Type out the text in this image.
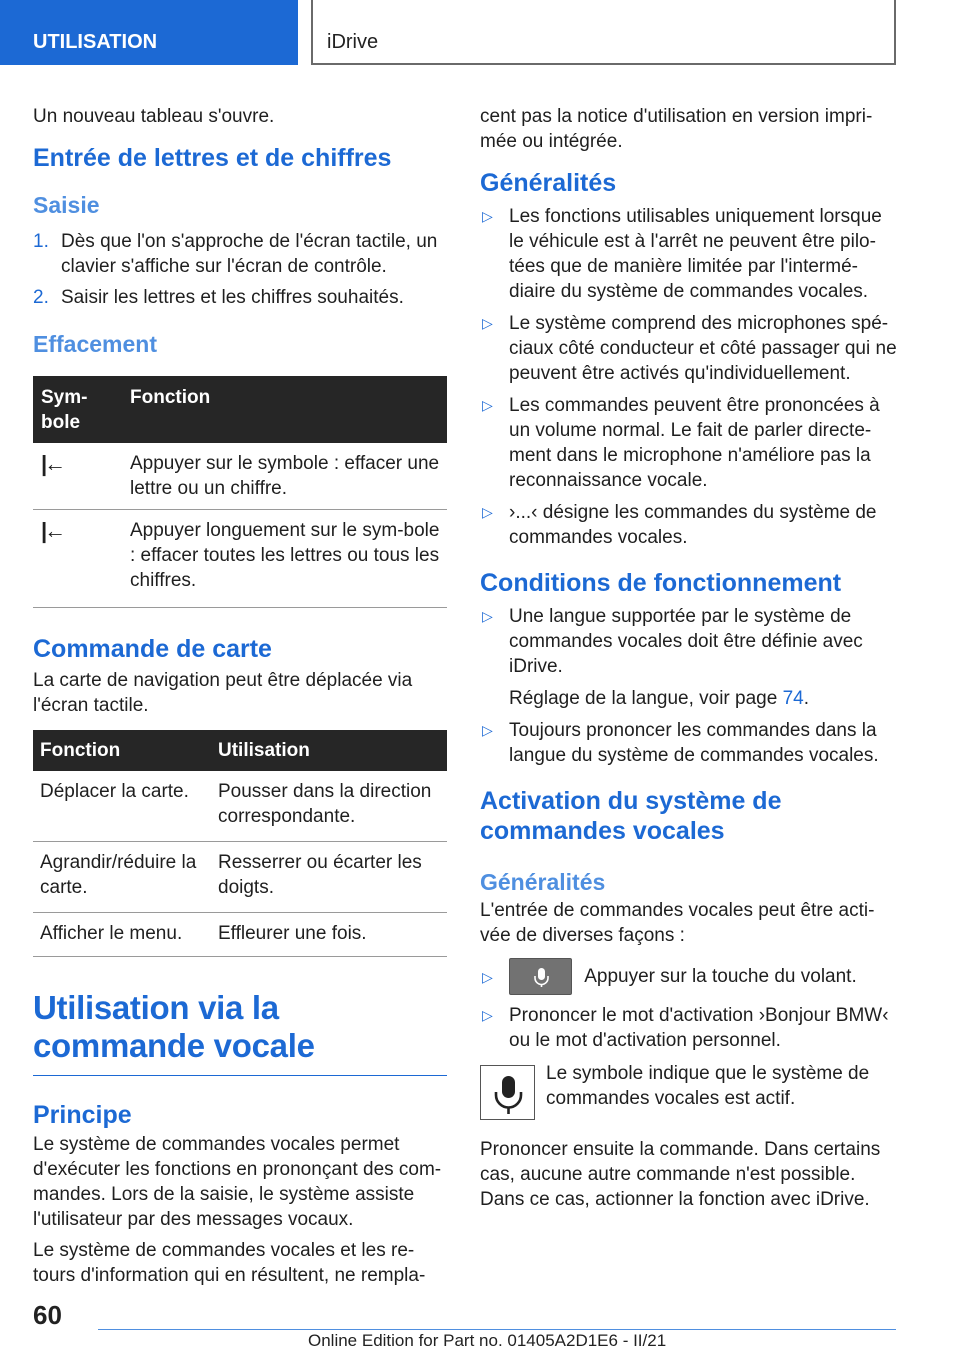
UTILISATION	iDrive

Un nouveau tableau s'ouvre.

Entrée de lettres et de chiffres
Saisie
1. Dès que l'on s'approche de l'écran tactile, un clavier s'affiche sur l'écran de contrôle.
2. Saisir les lettres et les chiffres souhaités.
Effacement
Sym-
bole	Fonction
|←	Appuyer sur le symbole : effacer une lettre ou un chiffre.
|←	Appuyer longuement sur le sym-bole : effacer toutes les lettres ou tous les chiffres.
Commande de carte

La carte de navigation peut être déplacée via l'écran tactile.

Fonction	Utilisation
Déplacer la carte.	Pousser dans la direction correspondante.
Agrandir/réduire la carte.	Resserrer ou écarter les doigts.
Afficher le menu.	Effleurer une fois.
Utilisation via la commande vocale
Principe

Le système de commandes vocales permet d'exécuter les fonctions en prononçant des com-mandes. Lors de la saisie, le système assiste l'utilisateur par des messages vocaux.

Le système de commandes vocales et les re-tours d'information qui en résultent, ne rempla-

cent pas la notice d'utilisation en version impri-mée ou intégrée.

Généralités
▷ Les fonctions utilisables uniquement lorsque le véhicule est à l'arrêt ne peuvent être pilo-tées que de manière limitée par l'intermé-diaire du système de commandes vocales.
▷ Le système comprend des microphones spé-ciaux côté conducteur et côté passager qui ne peuvent être activés qu'individuellement.
▷ Les commandes peuvent être prononcées à un volume normal. Le fait de parler directe-ment dans le microphone n'améliore pas la reconnaissance vocale.
▷ ›...‹ désigne les commandes du système de commandes vocales.
Conditions de fonctionnement
▷ Une langue supportée par le système de commandes vocales doit être définie avec iDrive.
Réglage de la langue, voir page 74.
▷ Toujours prononcer les commandes dans la langue du système de commandes vocales.
Activation du système de commandes vocales
Généralités

L'entrée de commandes vocales peut être acti-vée de diverses façons :

▷	Appuyer sur la touche du volant.
▷ Prononcer le mot d'activation ›Bonjour BMW‹ ou le mot d'activation personnel.

Le symbole indique que le système de commandes vocales est actif.

Prononcer ensuite la commande. Dans certains cas, aucune autre commande n'est possible. Dans ce cas, actionner la fonction avec iDrive.

60
Online Edition for Part no. 01405A2D1E6 - II/21
